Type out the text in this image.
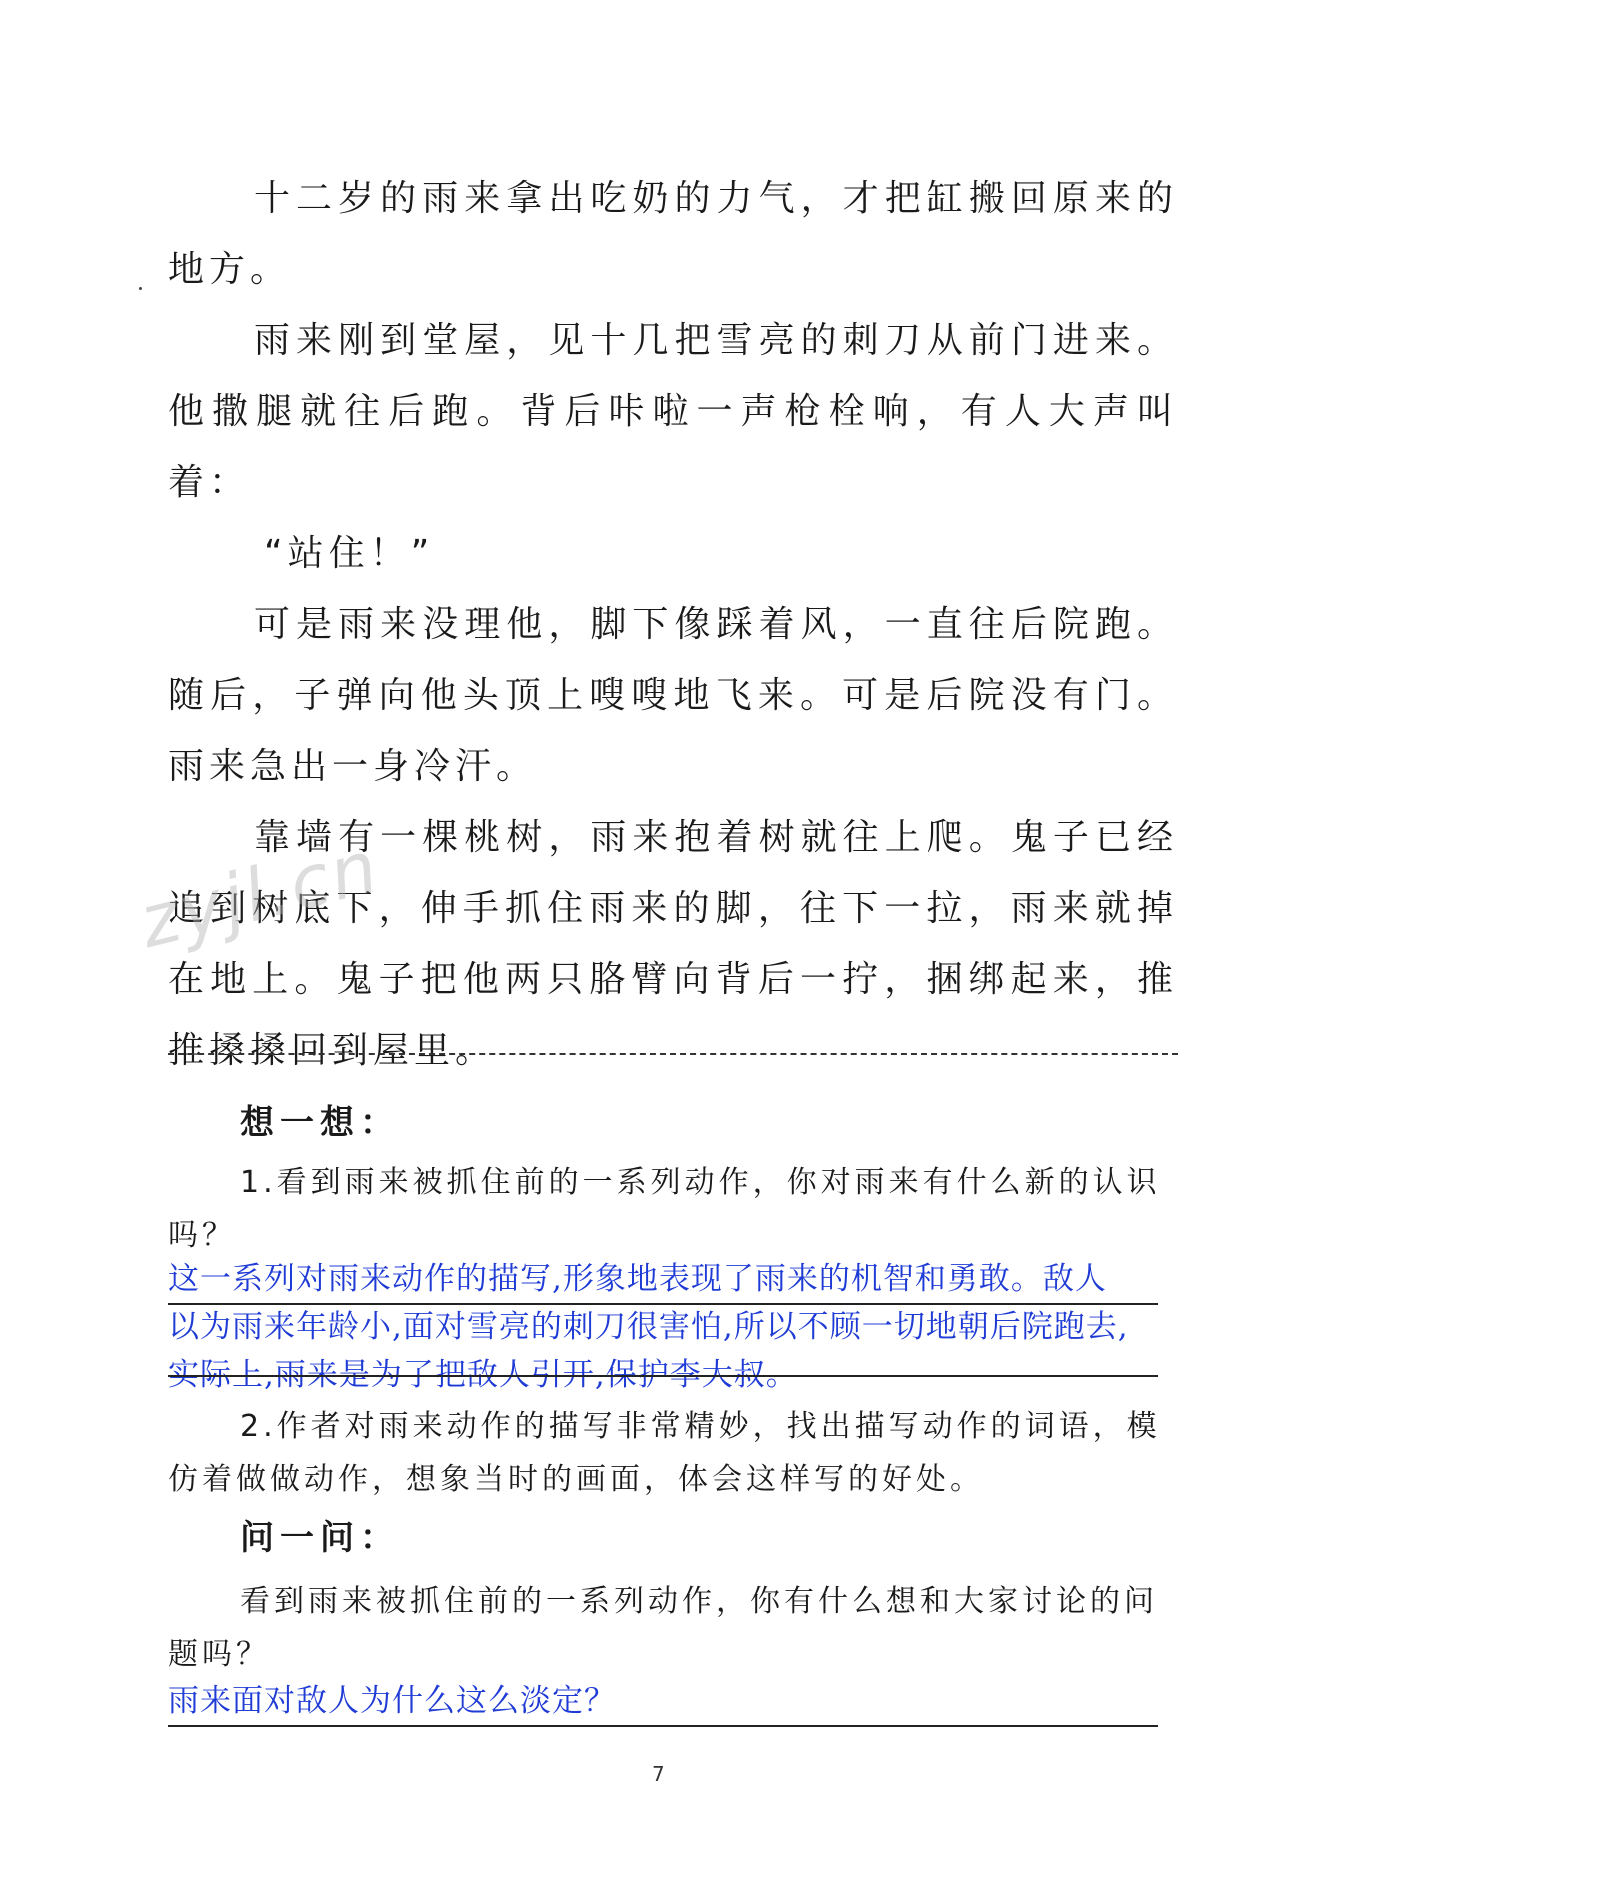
十二岁的雨来拿出吃奶的力气，才把缸搬回原来的地方。

雨来刚到堂屋，见十几把雪亮的刺刀从前门进来。他撒腿就往后跑。背后咔啦一声枪栓响，有人大声叫着：

“站住！”

可是雨来没理他，脚下像踩着风，一直往后院跑。随后，子弹向他头顶上嗖嗖地飞来。可是后院没有门。雨来急出一身冷汗。

靠墙有一棵桃树，雨来抱着树就往上爬。鬼子已经追到树底下，伸手抓住雨来的脚，往下一拉，雨来就掉在地上。鬼子把他两只胳臂向背后一拧，捆绑起来，推推搡搡回到屋里。

zyjl.cn
想一想：

1.看到雨来被抓住前的一系列动作，你对雨来有什么新的认识吗？

这一系列对雨来动作的描写,形象地表现了雨来的机智和勇敢。敌人
以为雨来年龄小,面对雪亮的刺刀很害怕,所以不顾一切地朝后院跑去,
实际上,雨来是为了把敌人引开,保护李大叔。

2.作者对雨来动作的描写非常精妙，找出描写动作的词语，模仿着做做动作，想象当时的画面，体会这样写的好处。

问一问：

看到雨来被抓住前的一系列动作，你有什么想和大家讨论的问题吗？

雨来面对敌人为什么这么淡定？
7
